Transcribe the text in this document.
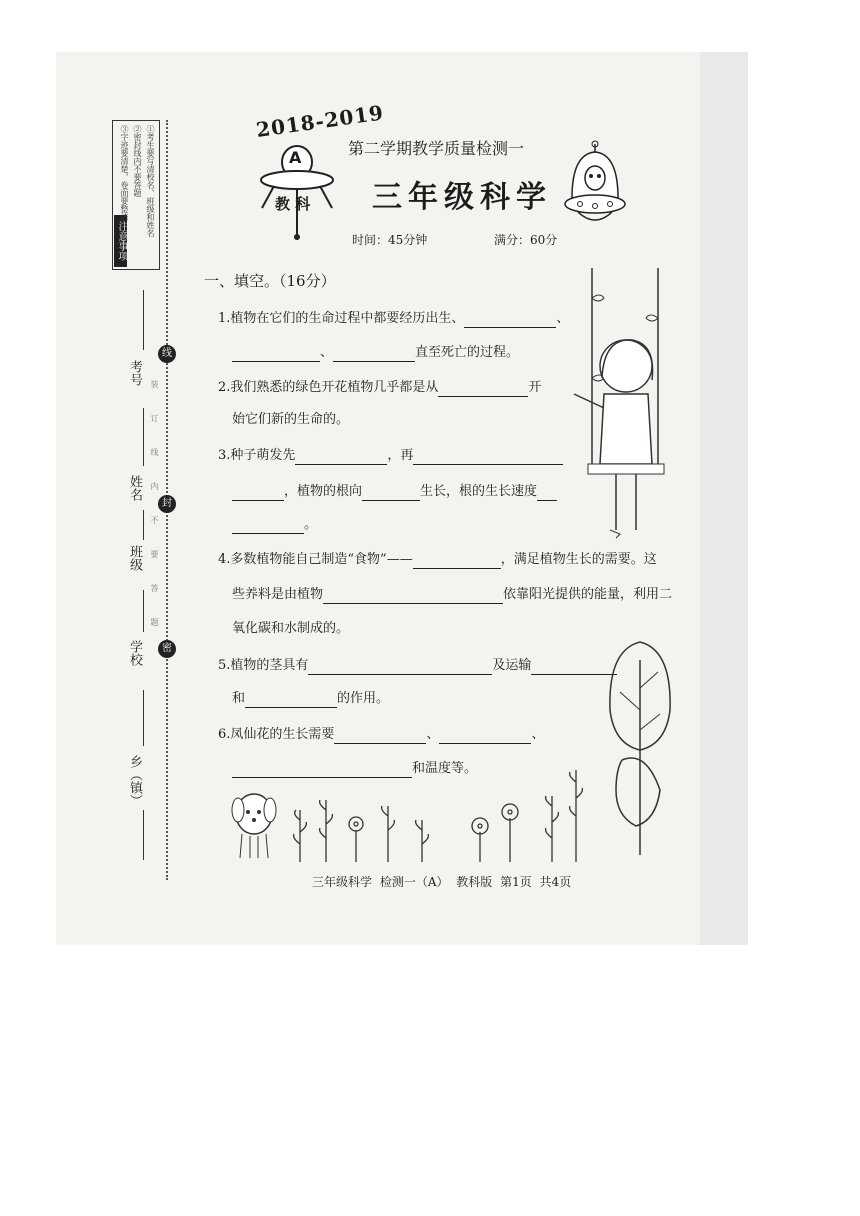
注意事项
①考生要写清校名、班级和姓名
②密封线内不要答题
③字迹要清楚，卷面要整洁
线
封
密
装订线内不要答题
考号
姓名
班级
学校
乡（镇）
2018-2019
第二学期教学质量检测一
A
教 科 三年级科学
时间：45分钟	满分：60分
一、填空。（16分）
1.植物在它们的生命过程中都要经历出生、	、
、	直至死亡的过程。
2.我们熟悉的绿色开花植物几乎都是从	开
始它们新的生命的。
3.种子萌发先	，再
，植物的根向	生长，根的生长速度
。
4.多数植物能自己制造“食物”——	，满足植物生长的需要。这
些养料是由植物	依靠阳光提供的能量，利用二
氧化碳和水制成的。
5.植物的茎具有	及运输
和	的作用。
6.凤仙花的生长需要	、	、
和温度等。
三年级科学 检测一（A） 教科版 第1页 共4页
